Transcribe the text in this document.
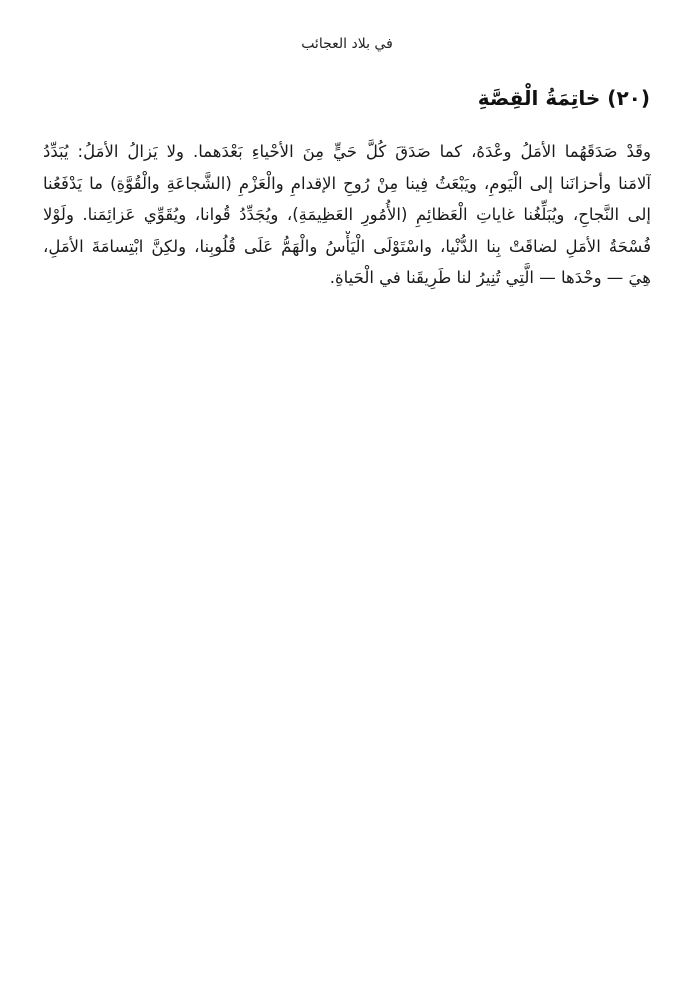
في بلاد العجائب
(٢٠) خاتِمَةُ الْقِصَّةِ

وقَدْ صَدَقَهُما الأمَلُ وعْدَهُ، كما صَدَقَ كُلَّ حَيٍّ مِنَ الأحْياءِ بَعْدَهما. ولا يَزالُ الأمَلُ: يُبَدِّدُ
آلامَنا وأحزانَنا إلى الْيَومِ، ويَبْعَثُ فِينا مِنْ رُوحِ الإقدامِ والْعَزْمِ (الشَّجاعَةِ والْقُوَّةِ) ما يَدْفَعُنا
إلى النَّجاحِ، ويُبَلِّغُنا غاياتِ الْعَظائِمِ (الأُمُورِ العَظِيمَةِ)، ويُجَدِّدُ قُوانا، ويُقَوِّي عَزائِمَنا. ولَوْلا
فُسْحَةُ الأمَلِ لضاقَتْ بِنا الدُّنْيا، واسْتَوْلَى الْيَأْسُ والْهَمُّ عَلَى قُلُوبِنا، ولكِنَّ ابْتِسامَةَ الأمَلِ،
هِيَ — وحْدَها — الَّتِي تُنِيرُ لنا طَرِيقَنا في الْحَياةِ.
